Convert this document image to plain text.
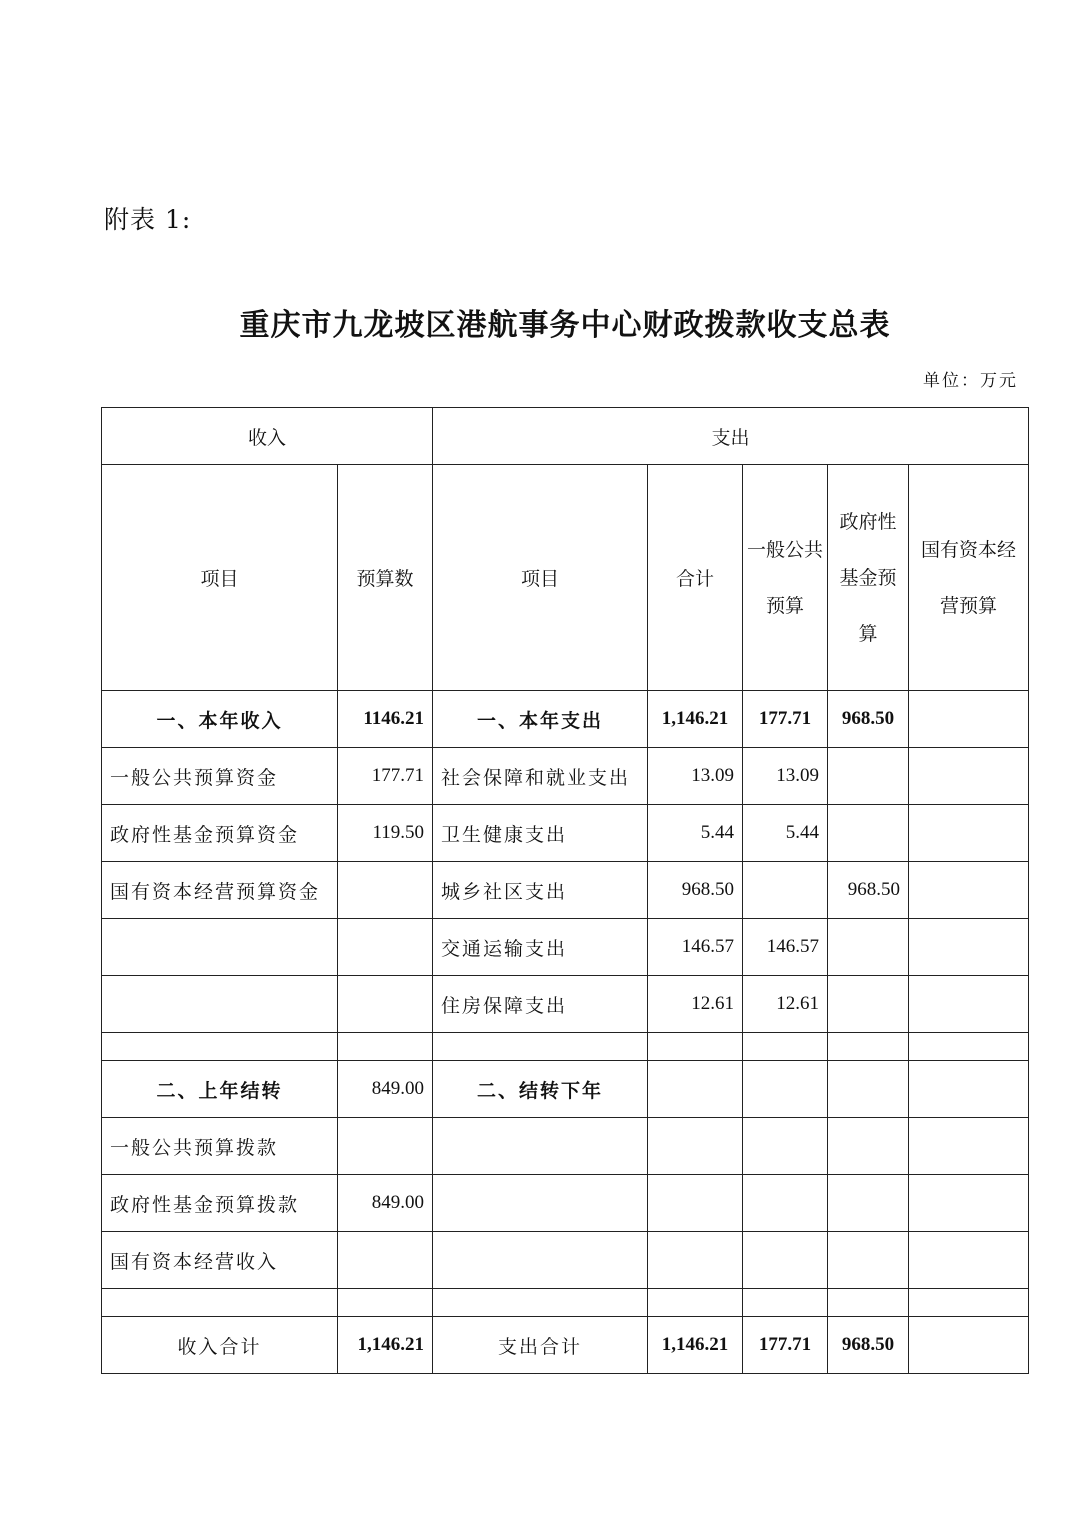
附表 1:
重庆市九龙坡区港航事务中心财政拨款收支总表
单位：万元
收入		支出				
项目	预算数	项目	合计	一般公共预算	政府性基金预算	国有资本经营预算
一、本年收入	1146.21	一、本年支出	1,146.21	177.71	968.50	
一般公共预算资金	177.71	社会保障和就业支出	13.09	13.09		
政府性基金预算资金	119.50	卫生健康支出	5.44	5.44		
国有资本经营预算资金		城乡社区支出	968.50		968.50	
		交通运输支出	146.57	146.57		
		住房保障支出	12.61	12.61		

二、上年结转	849.00	二、结转下年				
一般公共预算拨款						
政府性基金预算拨款	849.00					
国有资本经营收入						

收入合计	1,146.21	支出合计	1,146.21	177.71	968.50	
